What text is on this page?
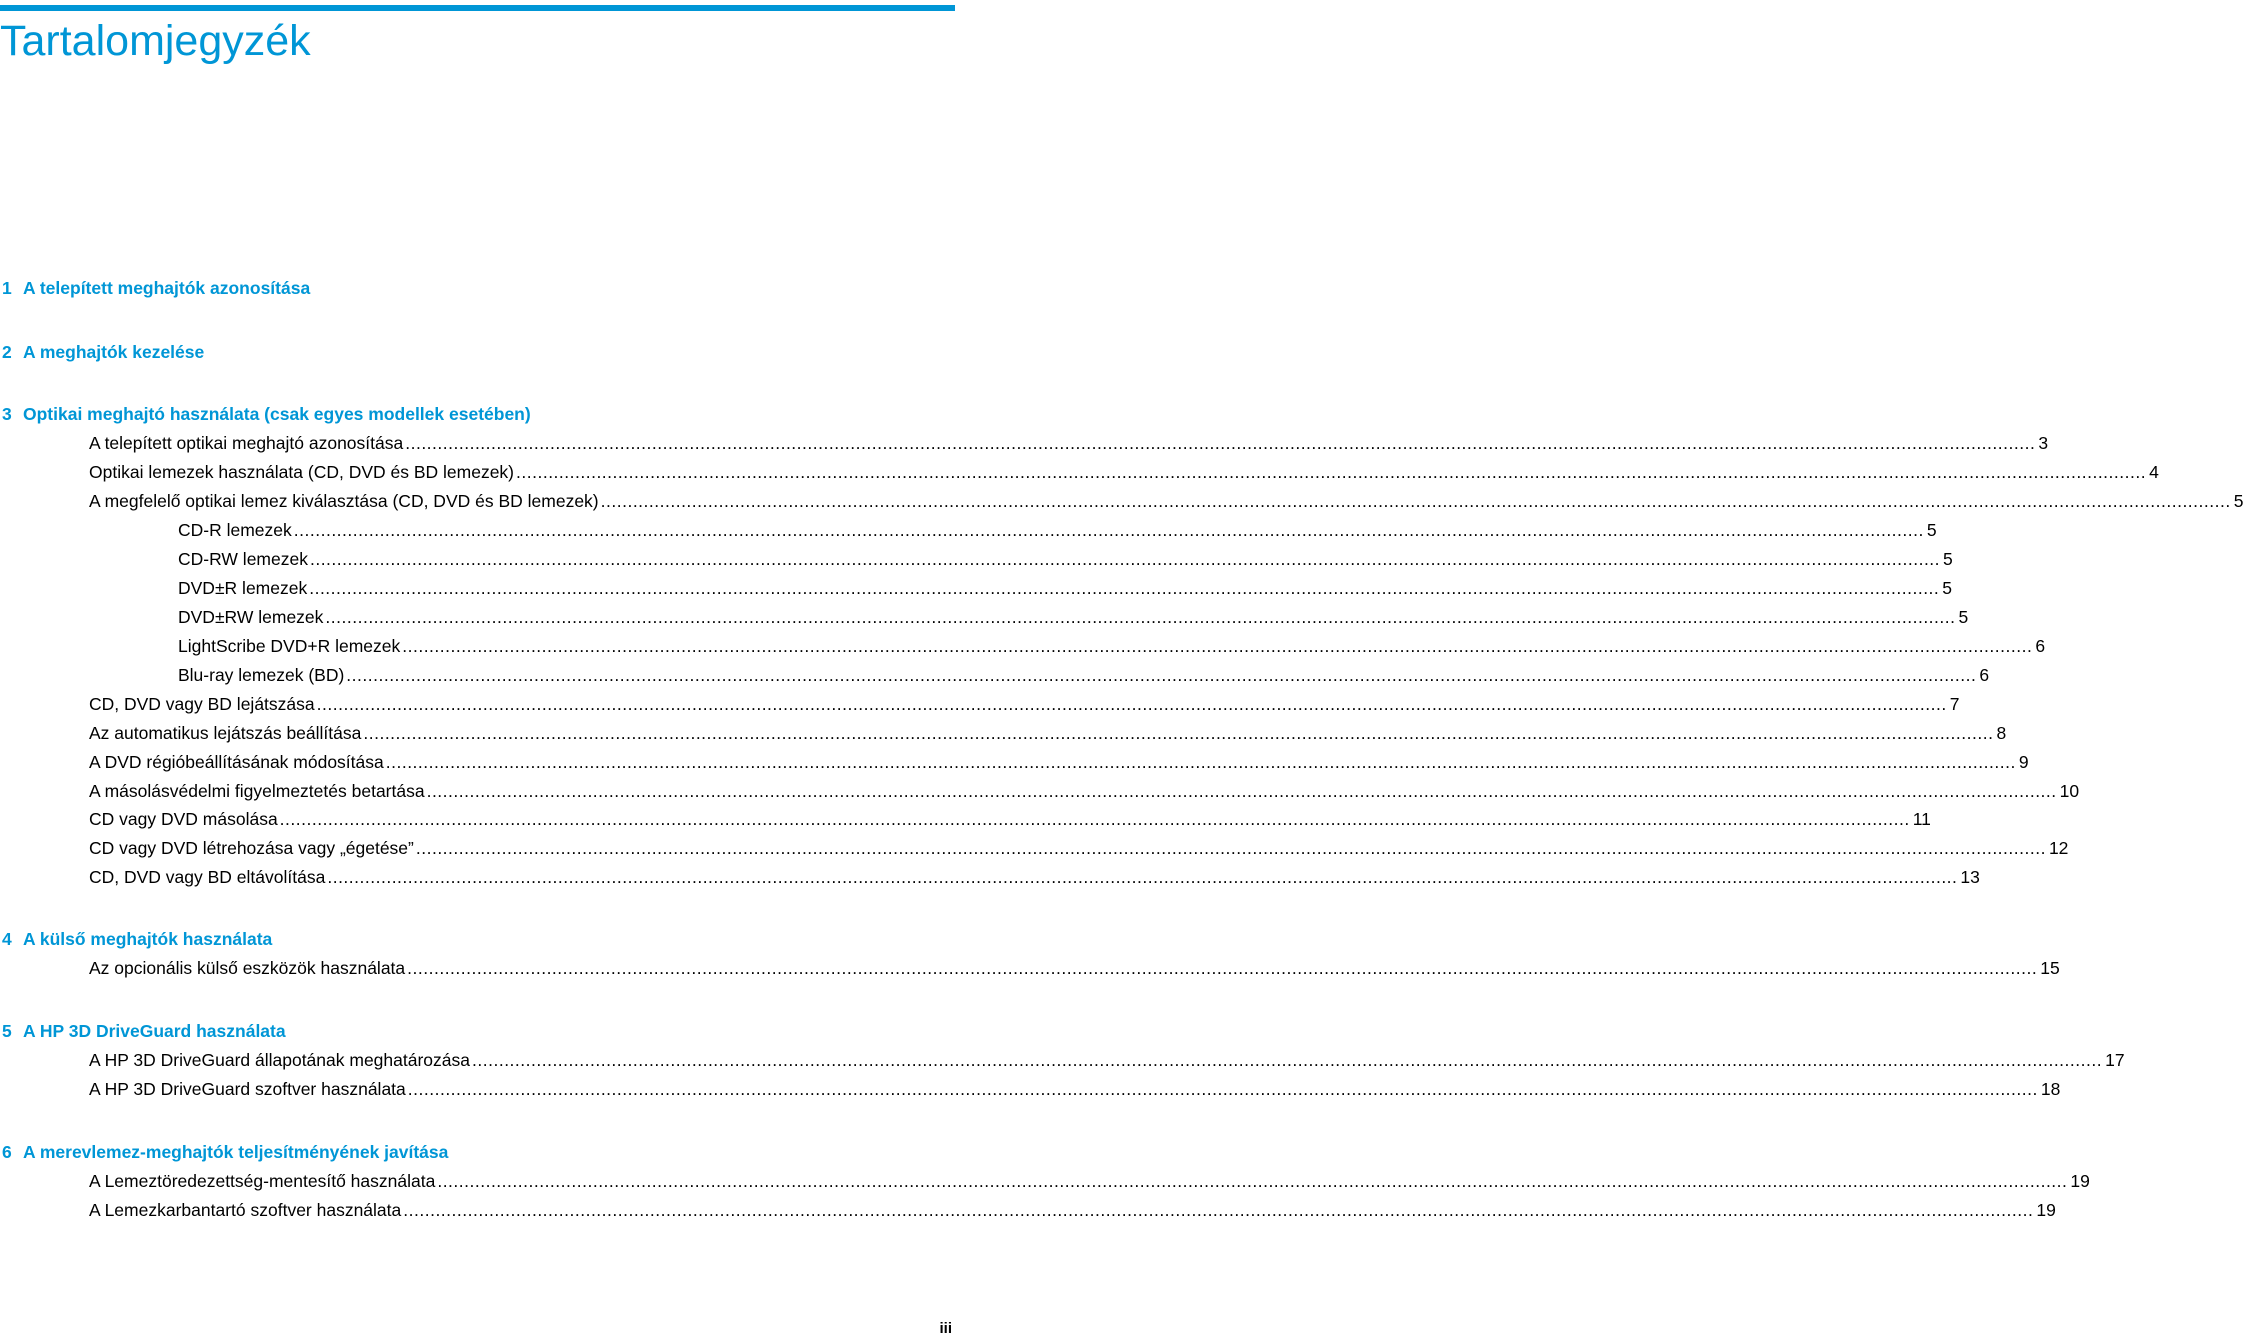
Tartalomjegyzék
1 A telepített meghajtók azonosítása
2 A meghajtók kezelése
3 Optikai meghajtó használata (csak egyes modellek esetében)
A telepített optikai meghajtó azonosítása ................................................................................................................................................................................................................................................................................................................ 3
Optikai lemezek használata (CD, DVD és BD lemezek) ................................................................................................................................................................................................................................................................................................................ 4
A megfelelő optikai lemez kiválasztása (CD, DVD és BD lemezek) ................................................................................................................................................................................................................................................................................................................ 5
CD-R lemezek ................................................................................................................................................................................................................................................................................................................ 5
CD-RW lemezek ................................................................................................................................................................................................................................................................................................................ 5
DVD±R lemezek ................................................................................................................................................................................................................................................................................................................ 5
DVD±RW lemezek ................................................................................................................................................................................................................................................................................................................ 5
LightScribe DVD+R lemezek ................................................................................................................................................................................................................................................................................................................ 6
Blu-ray lemezek (BD) ................................................................................................................................................................................................................................................................................................................ 6
CD, DVD vagy BD lejátszása ................................................................................................................................................................................................................................................................................................................ 7
Az automatikus lejátszás beállítása ................................................................................................................................................................................................................................................................................................................ 8
A DVD régióbeállításának módosítása ................................................................................................................................................................................................................................................................................................................ 9
A másolásvédelmi figyelmeztetés betartása ................................................................................................................................................................................................................................................................................................................ 10
CD vagy DVD másolása ................................................................................................................................................................................................................................................................................................................ 11
CD vagy DVD létrehozása vagy „égetése” ................................................................................................................................................................................................................................................................................................................ 12
CD, DVD vagy BD eltávolítása ................................................................................................................................................................................................................................................................................................................ 13
4 A külső meghajtók használata
Az opcionális külső eszközök használata ................................................................................................................................................................................................................................................................................................................ 15
5 A HP 3D DriveGuard használata
A HP 3D DriveGuard állapotának meghatározása ................................................................................................................................................................................................................................................................................................................ 17
A HP 3D DriveGuard szoftver használata ................................................................................................................................................................................................................................................................................................................ 18
6 A merevlemez-meghajtók teljesítményének javítása
A Lemeztöredezettség-mentesítő használata ................................................................................................................................................................................................................................................................................................................ 19
A Lemezkarbantartó szoftver használata ................................................................................................................................................................................................................................................................................................................ 19
iii
